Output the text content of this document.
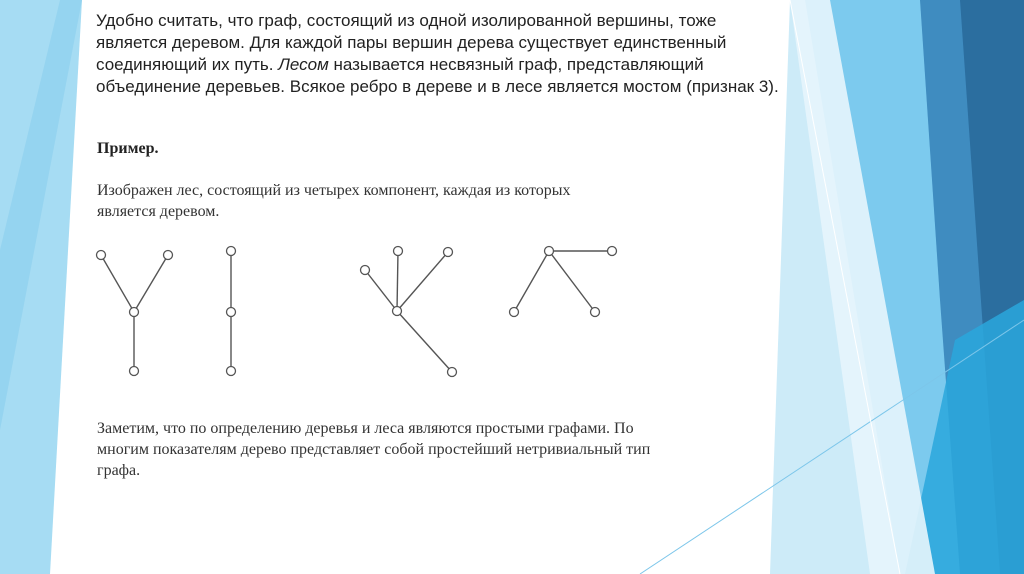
Удобно считать, что граф, состоящий из одной изолированной вершины, тоже является деревом. Для каждой пары вершин дерева существует единственный соединяющий их путь. Лесом называется несвязный граф, представляющий объединение деревьев. Всякое ребро в дереве и в лесе является мостом (признак 3).

Пример.

Изображен лес, состоящий из четырех компонент, каждая из которых является деревом.

Заметим, что по определению деревья и леса являются простыми графами. По многим показателям дерево представляет собой простейший нетривиальный тип графа.
